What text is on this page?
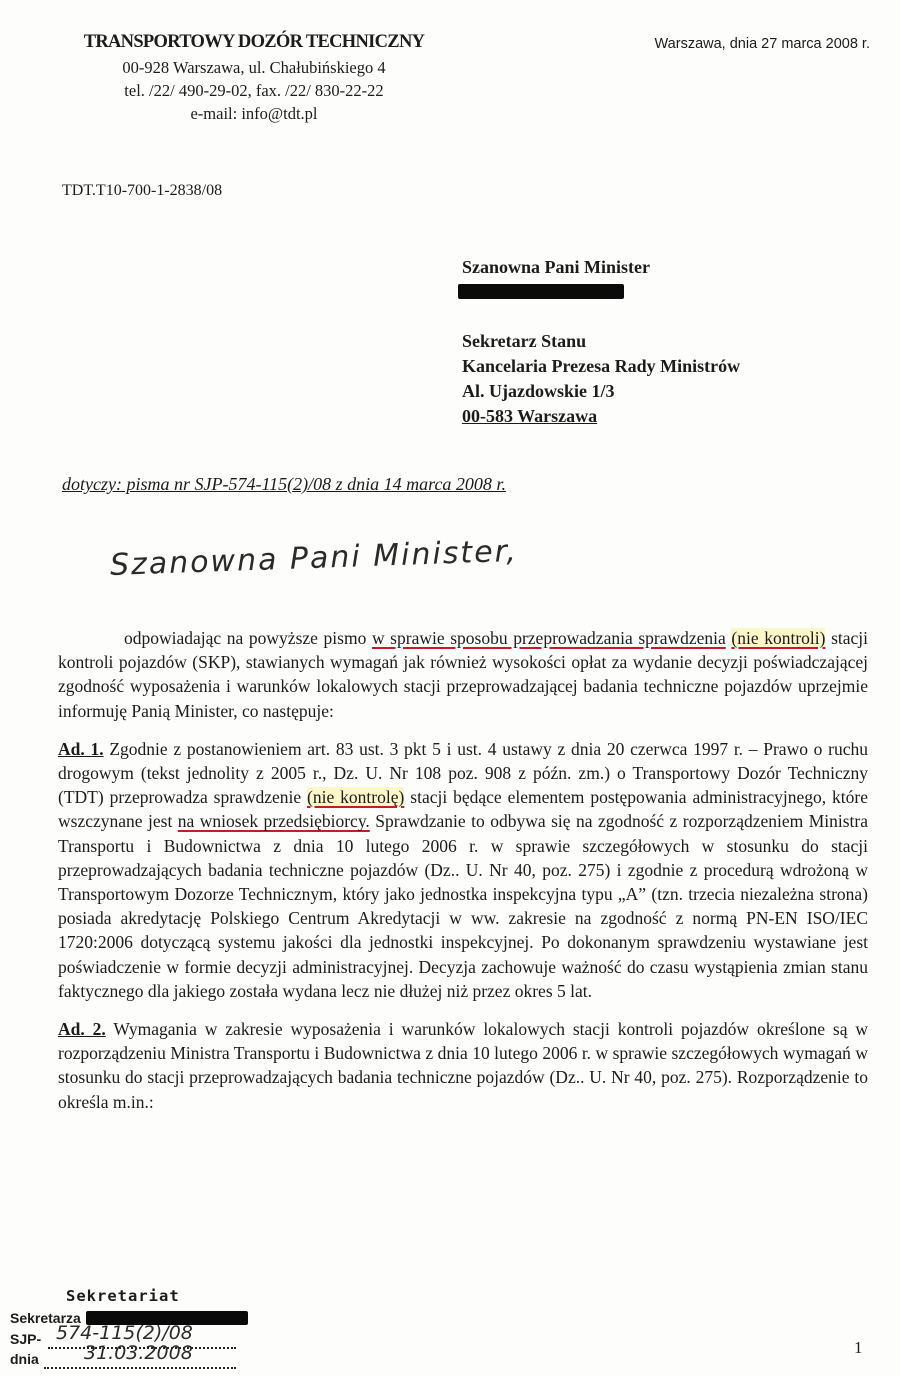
TRANSPORTOWY DOZÓR TECHNICZNY
00-928 Warszawa, ul. Chałubińskiego 4
tel. /22/ 490-29-02, fax. /22/ 830-22-22
e-mail: info@tdt.pl
Warszawa, dnia 27 marca 2008 r.
TDT.T10-700-1-2838/08
Szanowna Pani Minister
Sekretarz Stanu
Kancelaria Prezesa Rady Ministrów
Al. Ujazdowskie 1/3
00-583 Warszawa
dotyczy: pisma nr SJP-574-115(2)/08 z dnia 14 marca 2008 r.
Szanowna Pani Minister,

odpowiadając na powyższe pismo w sprawie sposobu przeprowadzania sprawdzenia (nie kontroli) stacji kontroli pojazdów (SKP), stawianych wymagań jak również wysokości opłat za wydanie decyzji poświadczającej zgodność wyposażenia i warunków lokalowych stacji przeprowadzającej badania techniczne pojazdów uprzejmie informuję Panią Minister, co następuje:

Ad. 1. Zgodnie z postanowieniem art. 83 ust. 3 pkt 5 i ust. 4 ustawy z dnia 20 czerwca 1997 r. – Prawo o ruchu drogowym (tekst jednolity z 2005 r., Dz. U. Nr 108 poz. 908 z późn. zm.) o Transportowy Dozór Techniczny (TDT) przeprowadza sprawdzenie (nie kontrolę) stacji będące elementem postępowania administracyjnego, które wszczynane jest na wniosek przedsiębiorcy. Sprawdzanie to odbywa się na zgodność z rozporządzeniem Ministra Transportu i Budownictwa z dnia 10 lutego 2006 r. w sprawie szczegółowych w stosunku do stacji przeprowadzających badania techniczne pojazdów (Dz.. U. Nr 40, poz. 275) i zgodnie z procedurą wdrożoną w Transportowym Dozorze Technicznym, który jako jednostka inspekcyjna typu „A” (tzn. trzecia niezależna strona) posiada akredytację Polskiego Centrum Akredytacji w ww. zakresie na zgodność z normą PN-EN ISO/IEC 1720:2006 dotyczącą systemu jakości dla jednostki inspekcyjnej. Po dokonanym sprawdzeniu wystawiane jest poświadczenie w formie decyzji administracyjnej. Decyzja zachowuje ważność do czasu wystąpienia zmian stanu faktycznego dla jakiego została wydana lecz nie dłużej niż przez okres 5 lat.

Ad. 2. Wymagania w zakresie wyposażenia i warunków lokalowych stacji kontroli pojazdów określone są w rozporządzeniu Ministra Transportu i Budownictwa z dnia 10 lutego 2006 r. w sprawie szczegółowych wymagań w stosunku do stacji przeprowadzających badania techniczne pojazdów (Dz.. U. Nr 40, poz. 275). Rozporządzenie to określa m.in.:

Sekretariat
Sekretarza
SJP- 574-115(2)/08
dnia 31.03.2008	1
